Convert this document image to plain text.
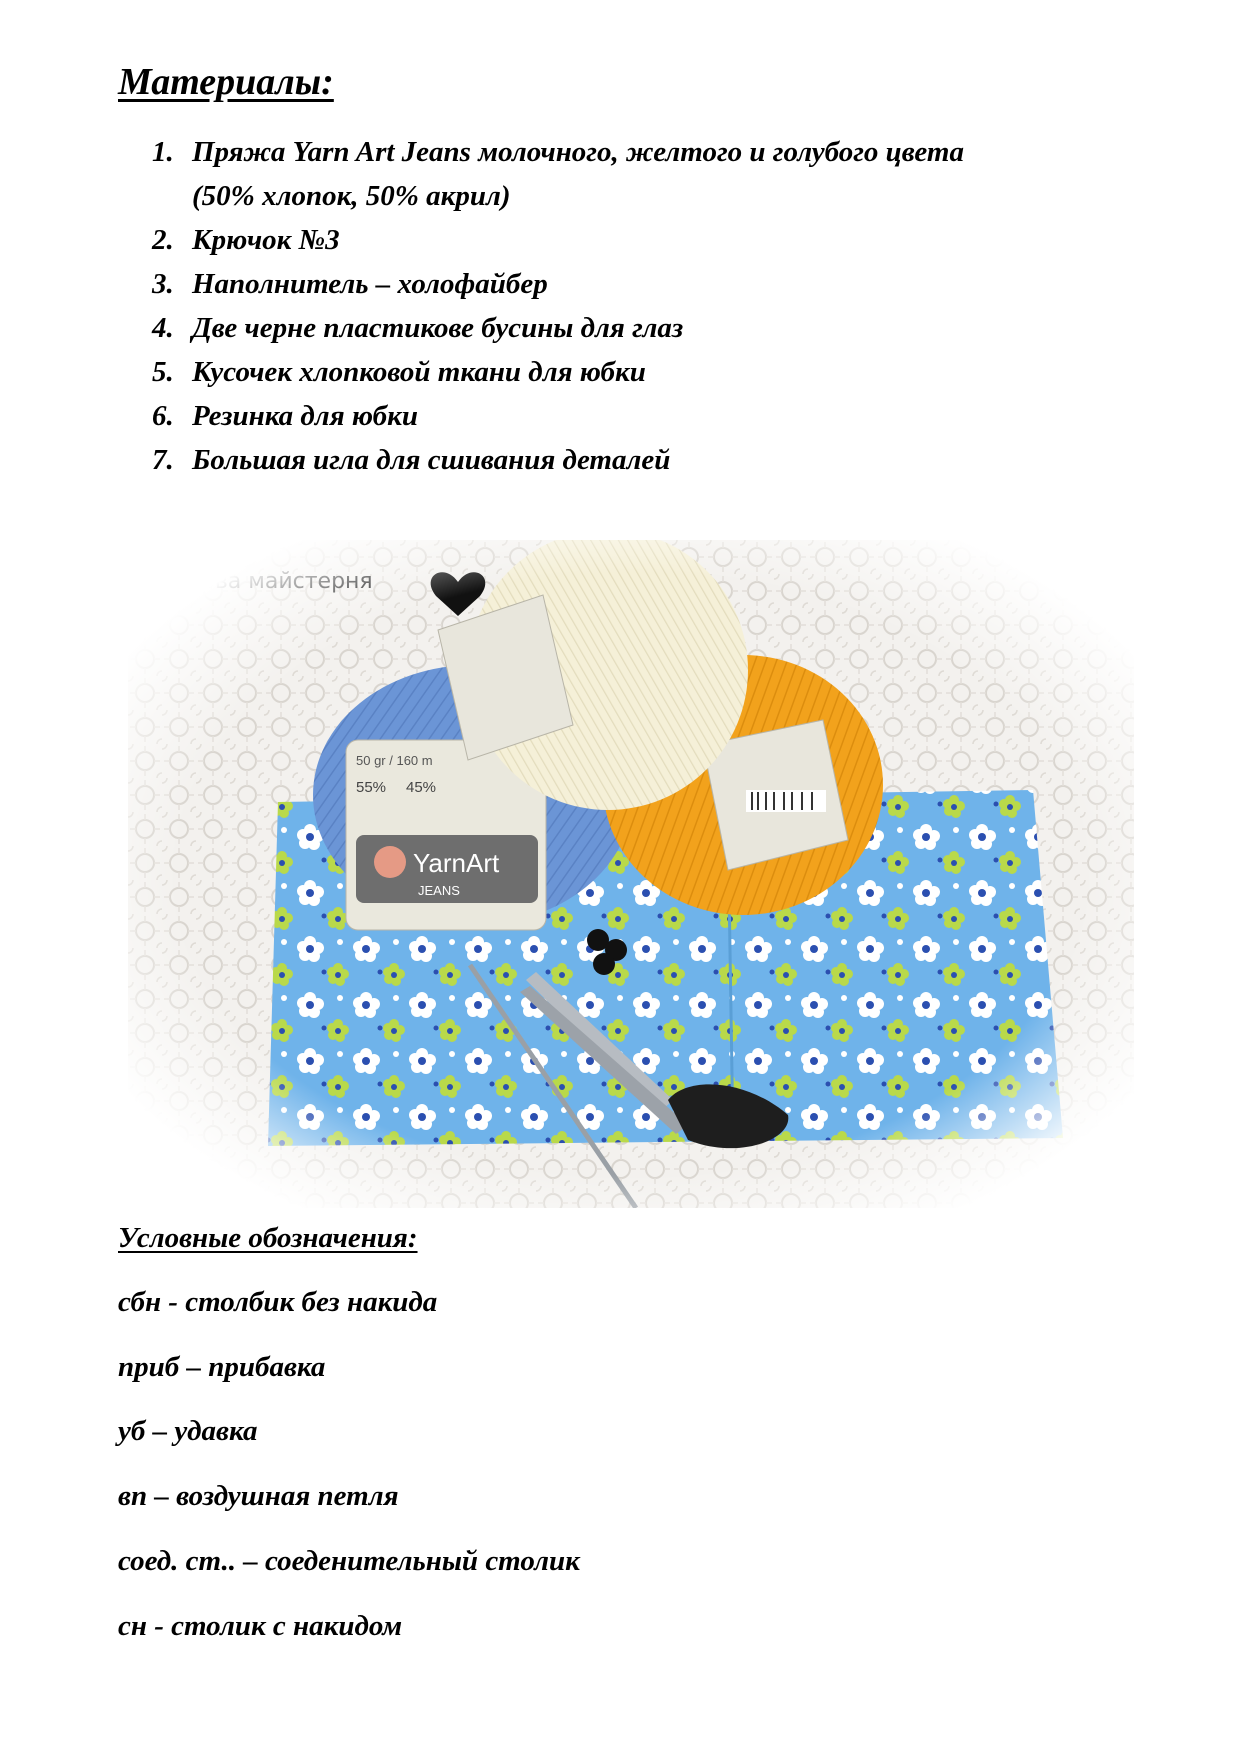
Материалы:
1. Пряжа Yarn Art Jeans молочного, желтого и голубого цвета
(50% хлопок, 50% акрил)
2. Крючок №3
3. Наполнитель – холофайбер
4. Две черне пластикове бусины для глаз
5. Кусочек хлопковой ткани для юбки
6. Резинка для юбки
7. Большая игла для сшивания деталей

Условные обозначения:

сбн - столбик без накида

приб – прибавка

уб – удавка

вп – воздушная петля

соед. ст.. – соеденительный столик

сн - столик с накидом
